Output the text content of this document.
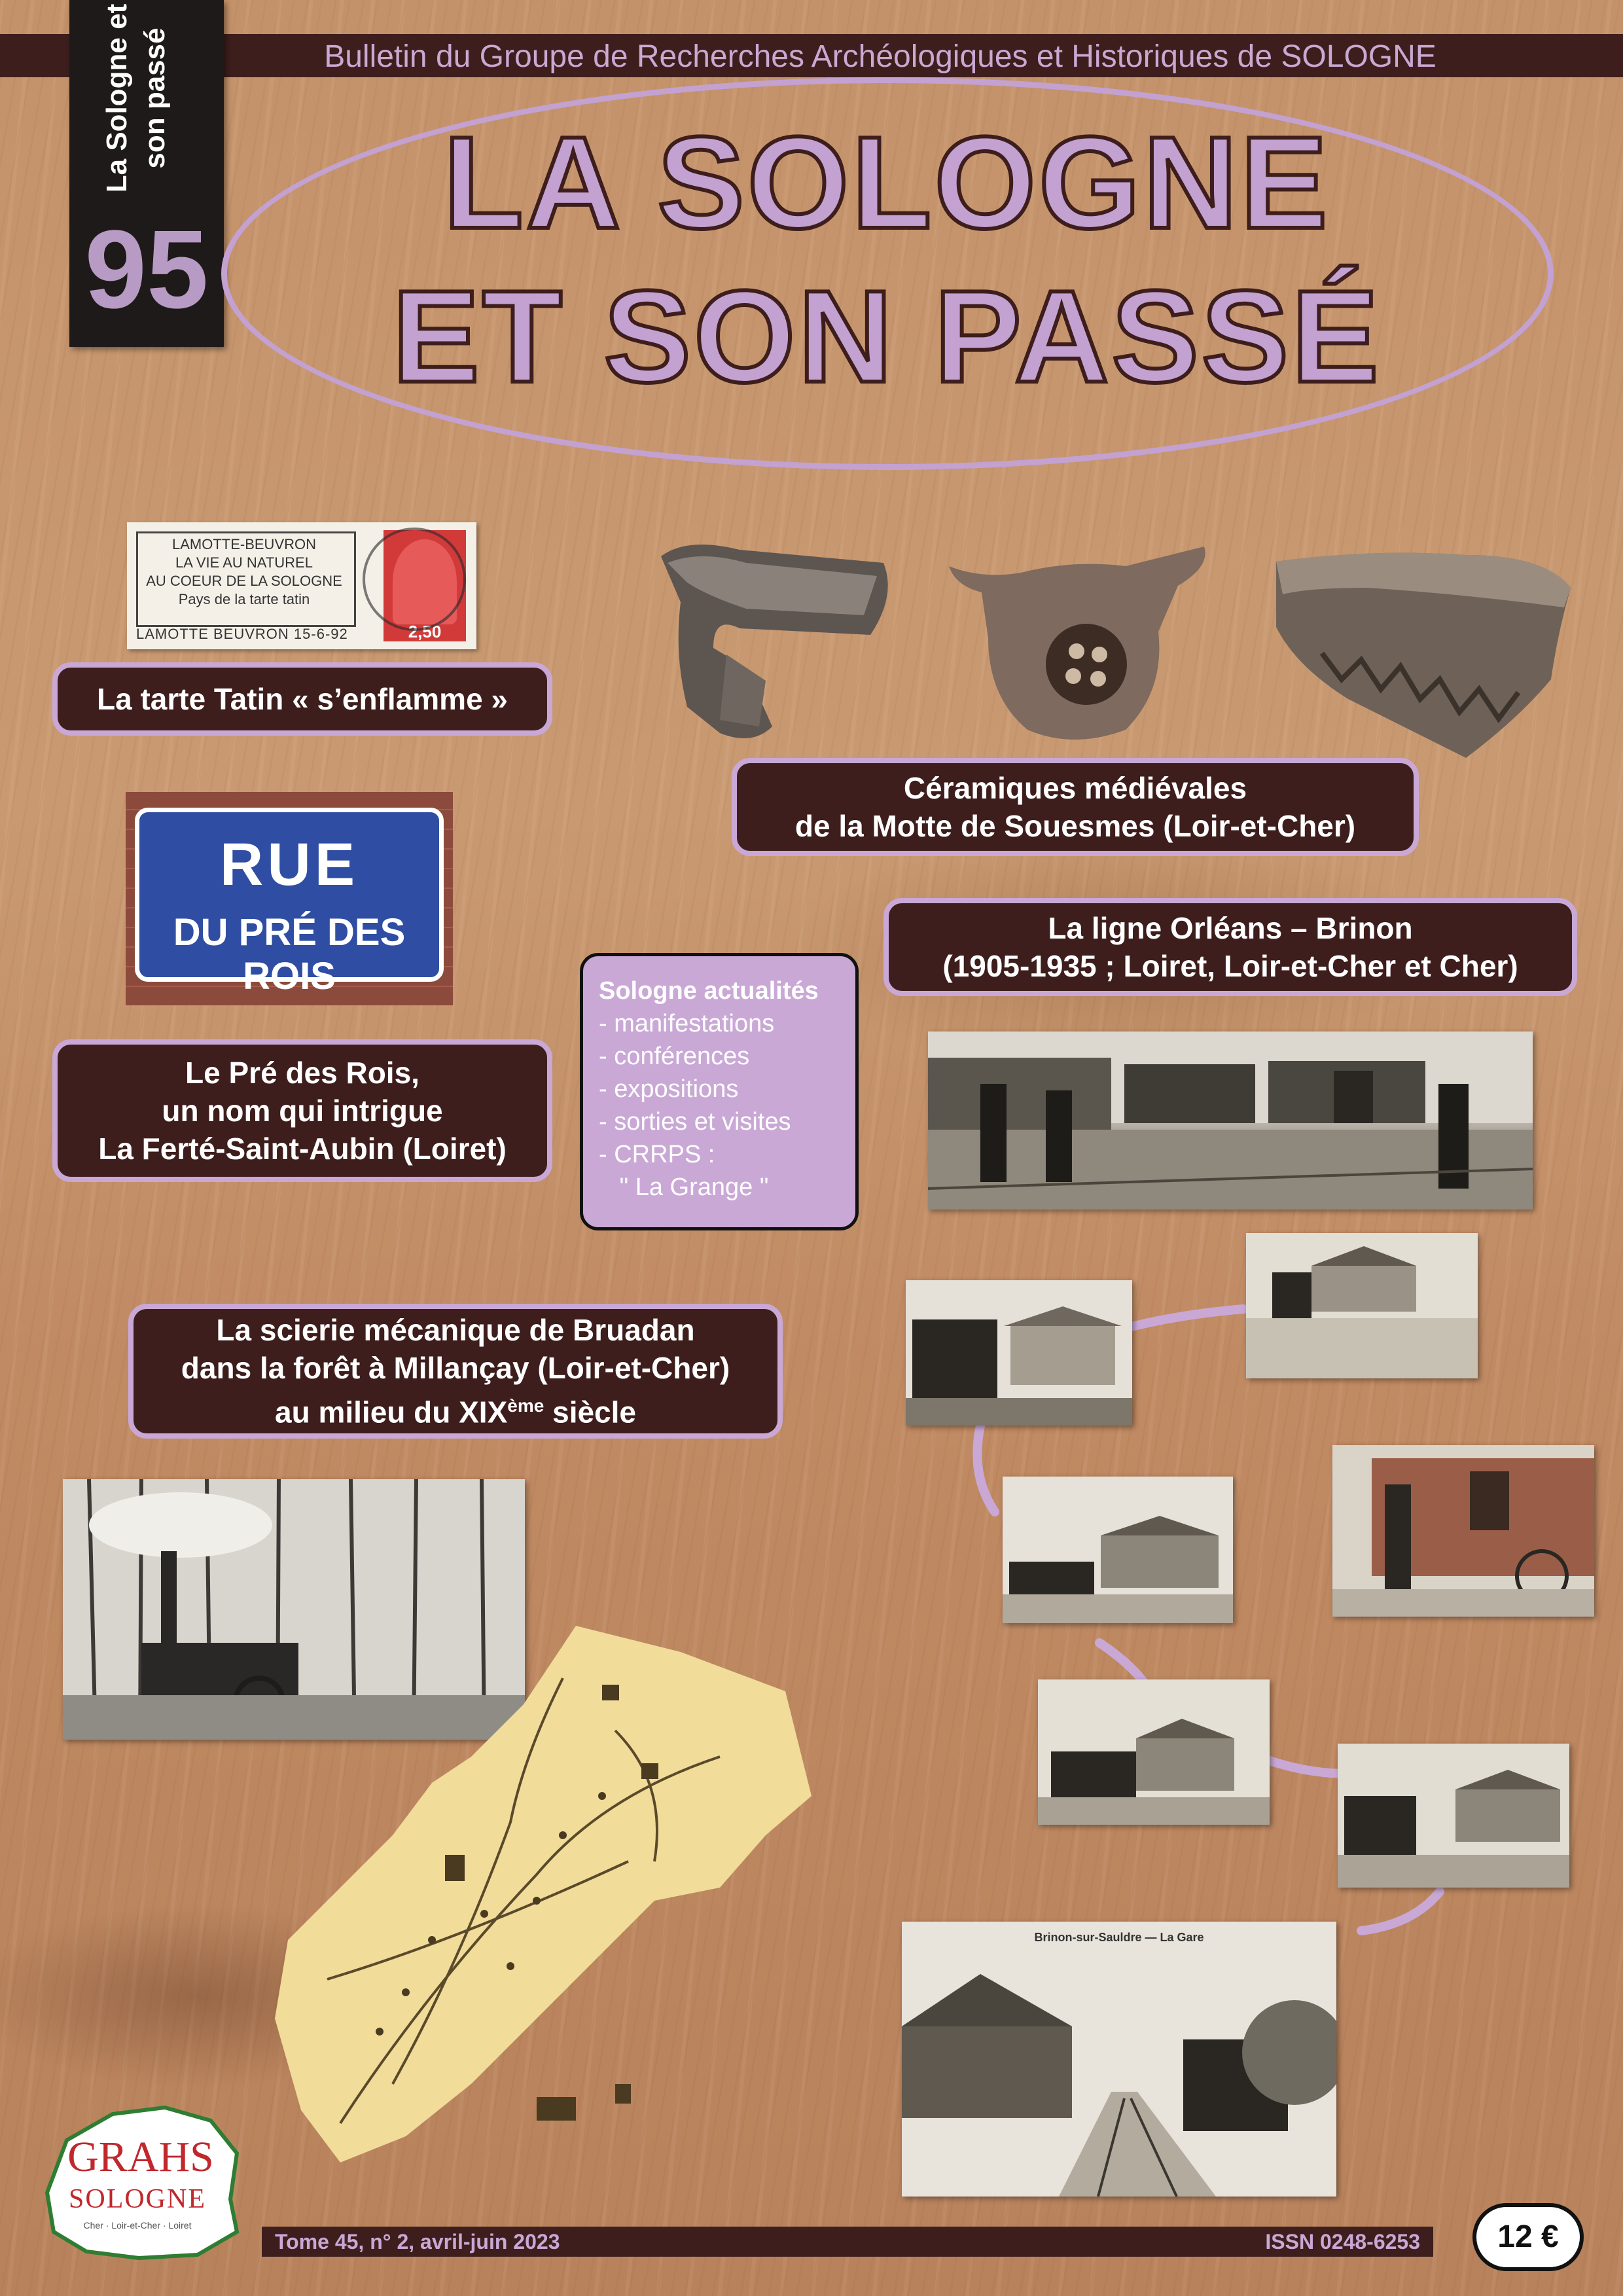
Bulletin du Groupe de Recherches Archéologiques et Historiques de SOLOGNE
La Sologne et son passé
95
LA SOLOGNE
ET SON PASSÉ
LAMOTTE-BEUVRON
LA VIE AU NATUREL
AU COEUR DE LA SOLOGNE
Pays de la tarte tatin
LAMOTTE BEUVRON 15-6-92	2,50
La tarte Tatin « s’enflamme »
Céramiques médiévales
de la Motte de Souesmes (Loir-et-Cher)
RUE
DU PRÉ DES ROIS
La ligne Orléans – Brinon
(1905-1935 ; Loiret, Loir-et-Cher et Cher)
Sologne actualités
- manifestations
- conférences
- expositions
- sorties et visites
- CRRPS :
" La Grange "
Le Pré des Rois,
un nom qui intrigue
La Ferté-Saint-Aubin (Loiret)
La scierie mécanique de Bruadan
dans la forêt à Millançay (Loir-et-Cher)
au milieu du XIXème siècle
Brinon-sur-Sauldre — La Gare
Tome 45, n° 2, avril-juin 2023	ISSN 0248-6253	12 €
GRAHS
SOLOGNE
Cher · Loir-et-Cher · Loiret
